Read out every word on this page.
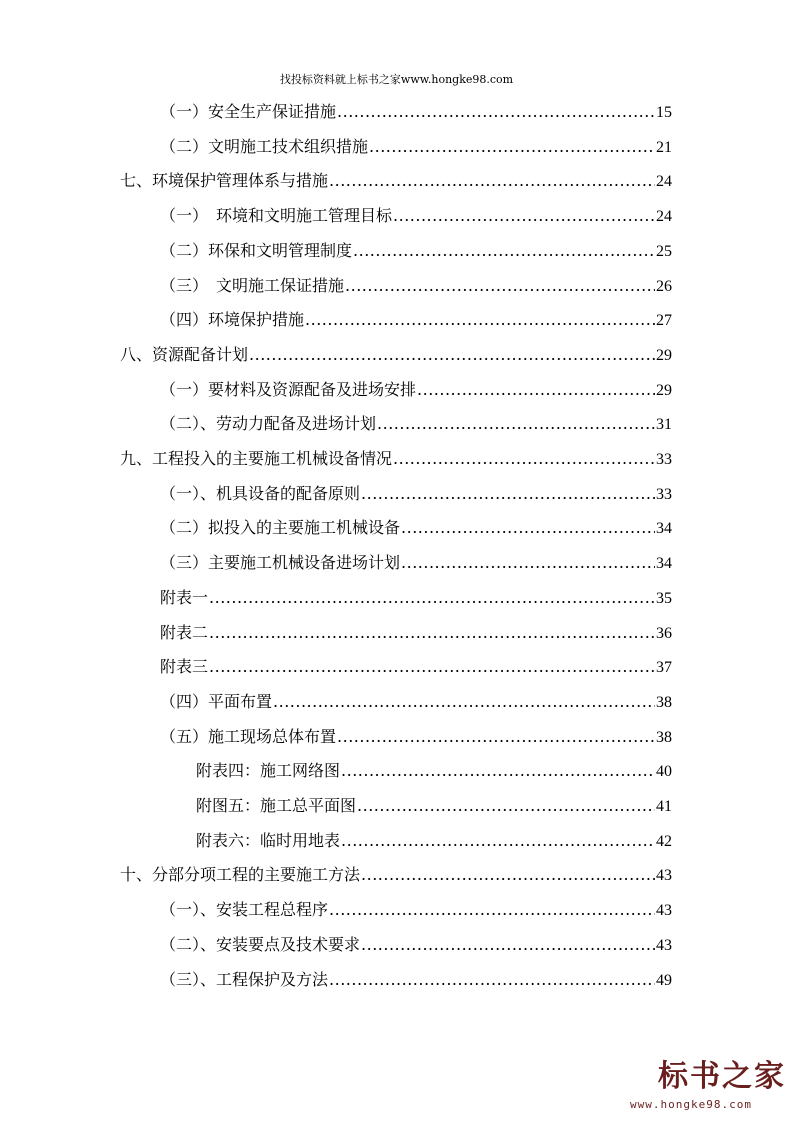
找投标资料就上标书之家www.hongke98.com
（一）安全生产保证措施 .....	15
（二）文明施工技术组织措施 .....	21
七、环境保护管理体系与措施 .....	24
（一）　环境和文明施工管理目标 .....	24
（二）环保和文明管理制度 .....	25
（三）　文明施工保证措施 .....	26
（四）环境保护措施 .....	27
八、资源配备计划 .....	29
（一）要材料及资源配备及进场安排 .....	29
（二）、劳动力配备及进场计划 .....	31
九、工程投入的主要施工机械设备情况 .....	33
（一）、机具设备的配备原则 .....	33
（二）拟投入的主要施工机械设备 .....	34
（三）主要施工机械设备进场计划 .....	34
附表一 .....	35
附表二 .....	36
附表三 .....	37
（四）平面布置 .....	38
（五）施工现场总体布置 .....	38
附表四：施工网络图 .....	40
附图五：施工总平面图 .....	41
附表六：临时用地表 .....	42
十、分部分项工程的主要施工方法 .....	43
（一）、安装工程总程序 .....	43
（二）、安装要点及技术要求 .....	43
（三）、工程保护及方法 .....	49
标书之家
www.hongke98.com
